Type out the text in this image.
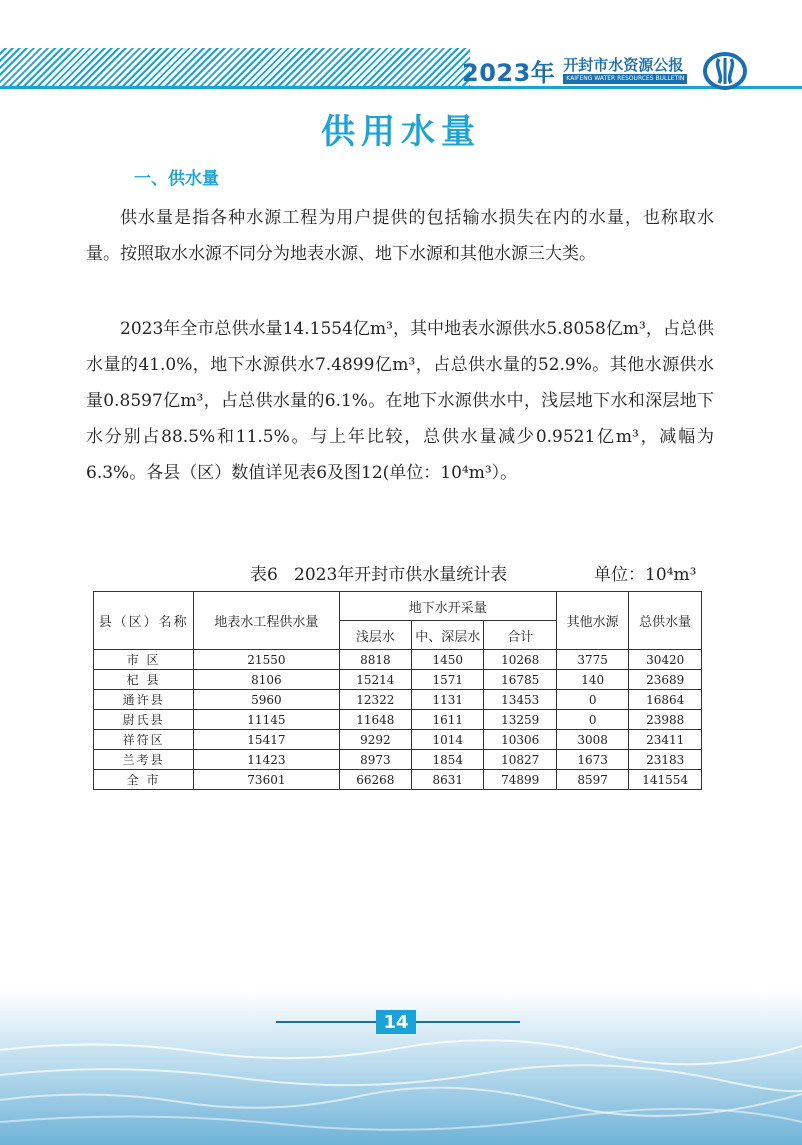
2023年 开封市水资源公报
KAIFENG WATER RESOURCES BULLETIN
供用水量
一、供水量
供水量是指各种水源工程为用户提供的包括输水损失在内的水量，也称取水量。按照取水水源不同分为地表水源、地下水源和其他水源三大类。
2023年全市总供水量14.1554亿m³，其中地表水源供水5.8058亿m³，占总供水量的41.0%，地下水源供水7.4899亿m³，占总供水量的52.9%。其他水源供水量0.8597亿m³，占总供水量的6.1%。在地下水源供水中，浅层地下水和深层地下水分别占88.5%和11.5%。与上年比较，总供水量减少0.9521亿m³，减幅为6.3%。各县（区）数值详见表6及图12(单位：10⁴m³）。
表6   2023年开封市供水量统计表	单位：10⁴m³
县（区）名称	地表水工程供水量	地下水开采量			其他水源	总供水量
		浅层水	中、深层水	合计		
市 区	21550	8818	1450	10268	3775	30420
杞 县	8106	15214	1571	16785	140	23689
通许县	5960	12322	1131	13453	0	16864
尉氏县	11145	11648	1611	13259	0	23988
祥符区	15417	9292	1014	10306	3008	23411
兰考县	11423	8973	1854	10827	1673	23183
全 市	73601	66268	8631	74899	8597	141554
14
